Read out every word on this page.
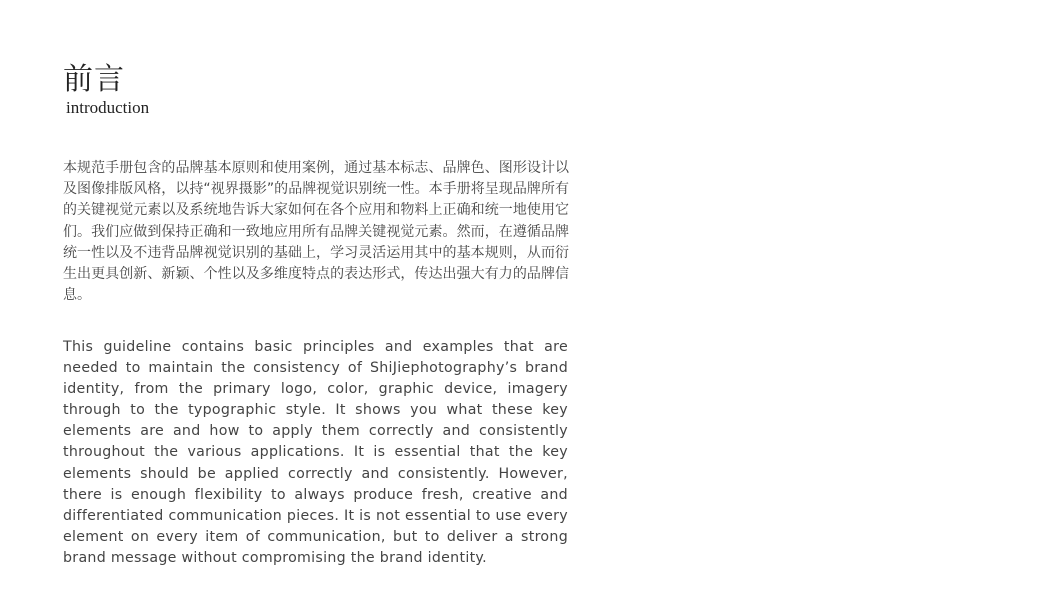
前言
introduction

本规范手册包含的品牌基本原则和使用案例，通过基本标志、品牌色、图形设计以及图像排版风格，以持“视界摄影”的品牌视觉识别统一性。本手册将呈现品牌所有的关键视觉元素以及系统地告诉大家如何在各个应用和物料上正确和统一地使用它们。我们应做到保持正确和一致地应用所有品牌关键视觉元素。然而，在遵循品牌统一性以及不违背品牌视觉识别的基础上，学习灵活运用其中的基本规则，从而衍生出更具创新、新颖、个性以及多维度特点的表达形式，传达出强大有力的品牌信息。

This guideline contains basic principles and examples that are needed to maintain the consistency of ShiJiephotography’s brand identity, from the primary logo, color, graphic device, imagery through to the typographic style. It shows you what these key elements are and how to apply them correctly and consistently throughout the various applications. It is essential that the key elements should be applied correctly and consistently. However, there is enough flexibility to always produce fresh, creative and differentiated communication pieces. It is not essential to use every element on every item of communication, but to deliver a strong brand message without compromising the brand identity.
